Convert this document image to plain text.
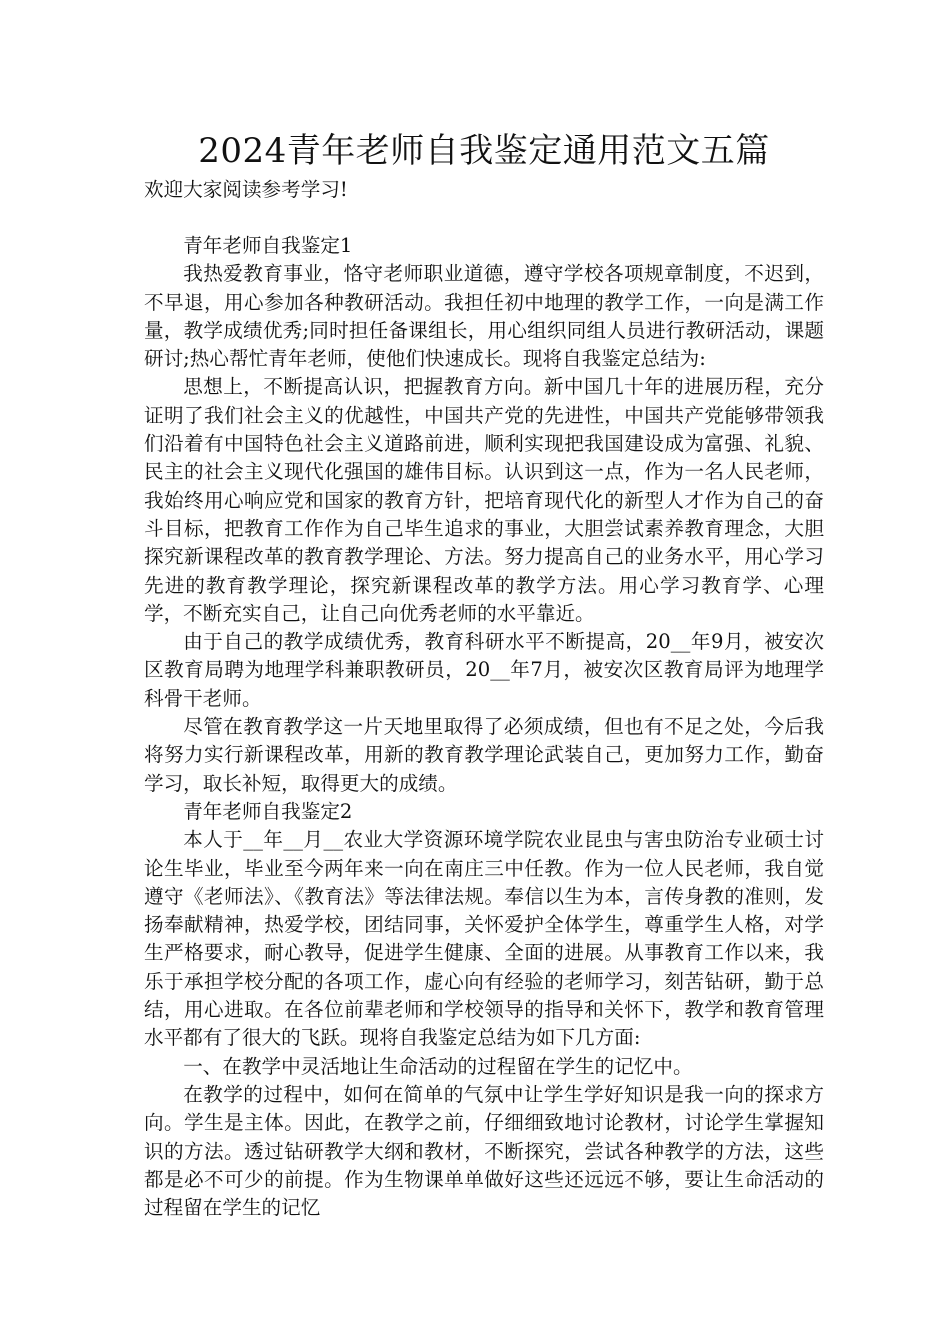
2024青年老师自我鉴定通用范文五篇
欢迎大家阅读参考学习!

青年老师自我鉴定1

我热爱教育事业，恪守老师职业道德，遵守学校各项规章制度，不迟到，不早退，用心参加各种教研活动。我担任初中地理的教学工作，一向是满工作量，教学成绩优秀;同时担任备课组长，用心组织同组人员进行教研活动，课题研讨;热心帮忙青年老师，使他们快速成长。现将自我鉴定总结为:

思想上，不断提高认识，把握教育方向。新中国几十年的进展历程，充分证明了我们社会主义的优越性，中国共产党的先进性，中国共产党能够带领我们沿着有中国特色社会主义道路前进，顺利实现把我国建设成为富强、礼貌、民主的社会主义现代化强国的雄伟目标。认识到这一点，作为一名人民老师，我始终用心响应党和国家的教育方针，把培育现代化的新型人才作为自己的奋斗目标，把教育工作作为自己毕生追求的事业，大胆尝试素养教育理念，大胆探究新课程改革的教育教学理论、方法。努力提高自己的业务水平，用心学习先进的教育教学理论，探究新课程改革的教学方法。用心学习教育学、心理学，不断充实自己，让自己向优秀老师的水平靠近。

由于自己的教学成绩优秀，教育科研水平不断提高，20__年9月，被安次区教育局聘为地理学科兼职教研员，20__年7月，被安次区教育局评为地理学科骨干老师。

尽管在教育教学这一片天地里取得了必须成绩，但也有不足之处，今后我将努力实行新课程改革，用新的教育教学理论武装自己，更加努力工作，勤奋学习，取长补短，取得更大的成绩。

青年老师自我鉴定2

本人于__年__月__农业大学资源环境学院农业昆虫与害虫防治专业硕士讨论生毕业，毕业至今两年来一向在南庄三中任教。作为一位人民老师，我自觉遵守《老师法》、《教育法》等法律法规。奉信以生为本，言传身教的准则，发扬奉献精神，热爱学校，团结同事，关怀爱护全体学生，尊重学生人格，对学生严格要求，耐心教导，促进学生健康、全面的进展。从事教育工作以来，我乐于承担学校分配的各项工作，虚心向有经验的老师学习，刻苦钻研，勤于总结，用心进取。在各位前辈老师和学校领导的指导和关怀下，教学和教育管理水平都有了很大的飞跃。现将自我鉴定总结为如下几方面:

一、在教学中灵活地让生命活动的过程留在学生的记忆中。

在教学的过程中，如何在简单的气氛中让学生学好知识是我一向的探求方向。学生是主体。因此，在教学之前，仔细细致地讨论教材，讨论学生掌握知识的方法。透过钻研教学大纲和教材，不断探究，尝试各种教学的方法，这些都是必不可少的前提。作为生物课单单做好这些还远远不够，要让生命活动的过程留在学生的记忆
